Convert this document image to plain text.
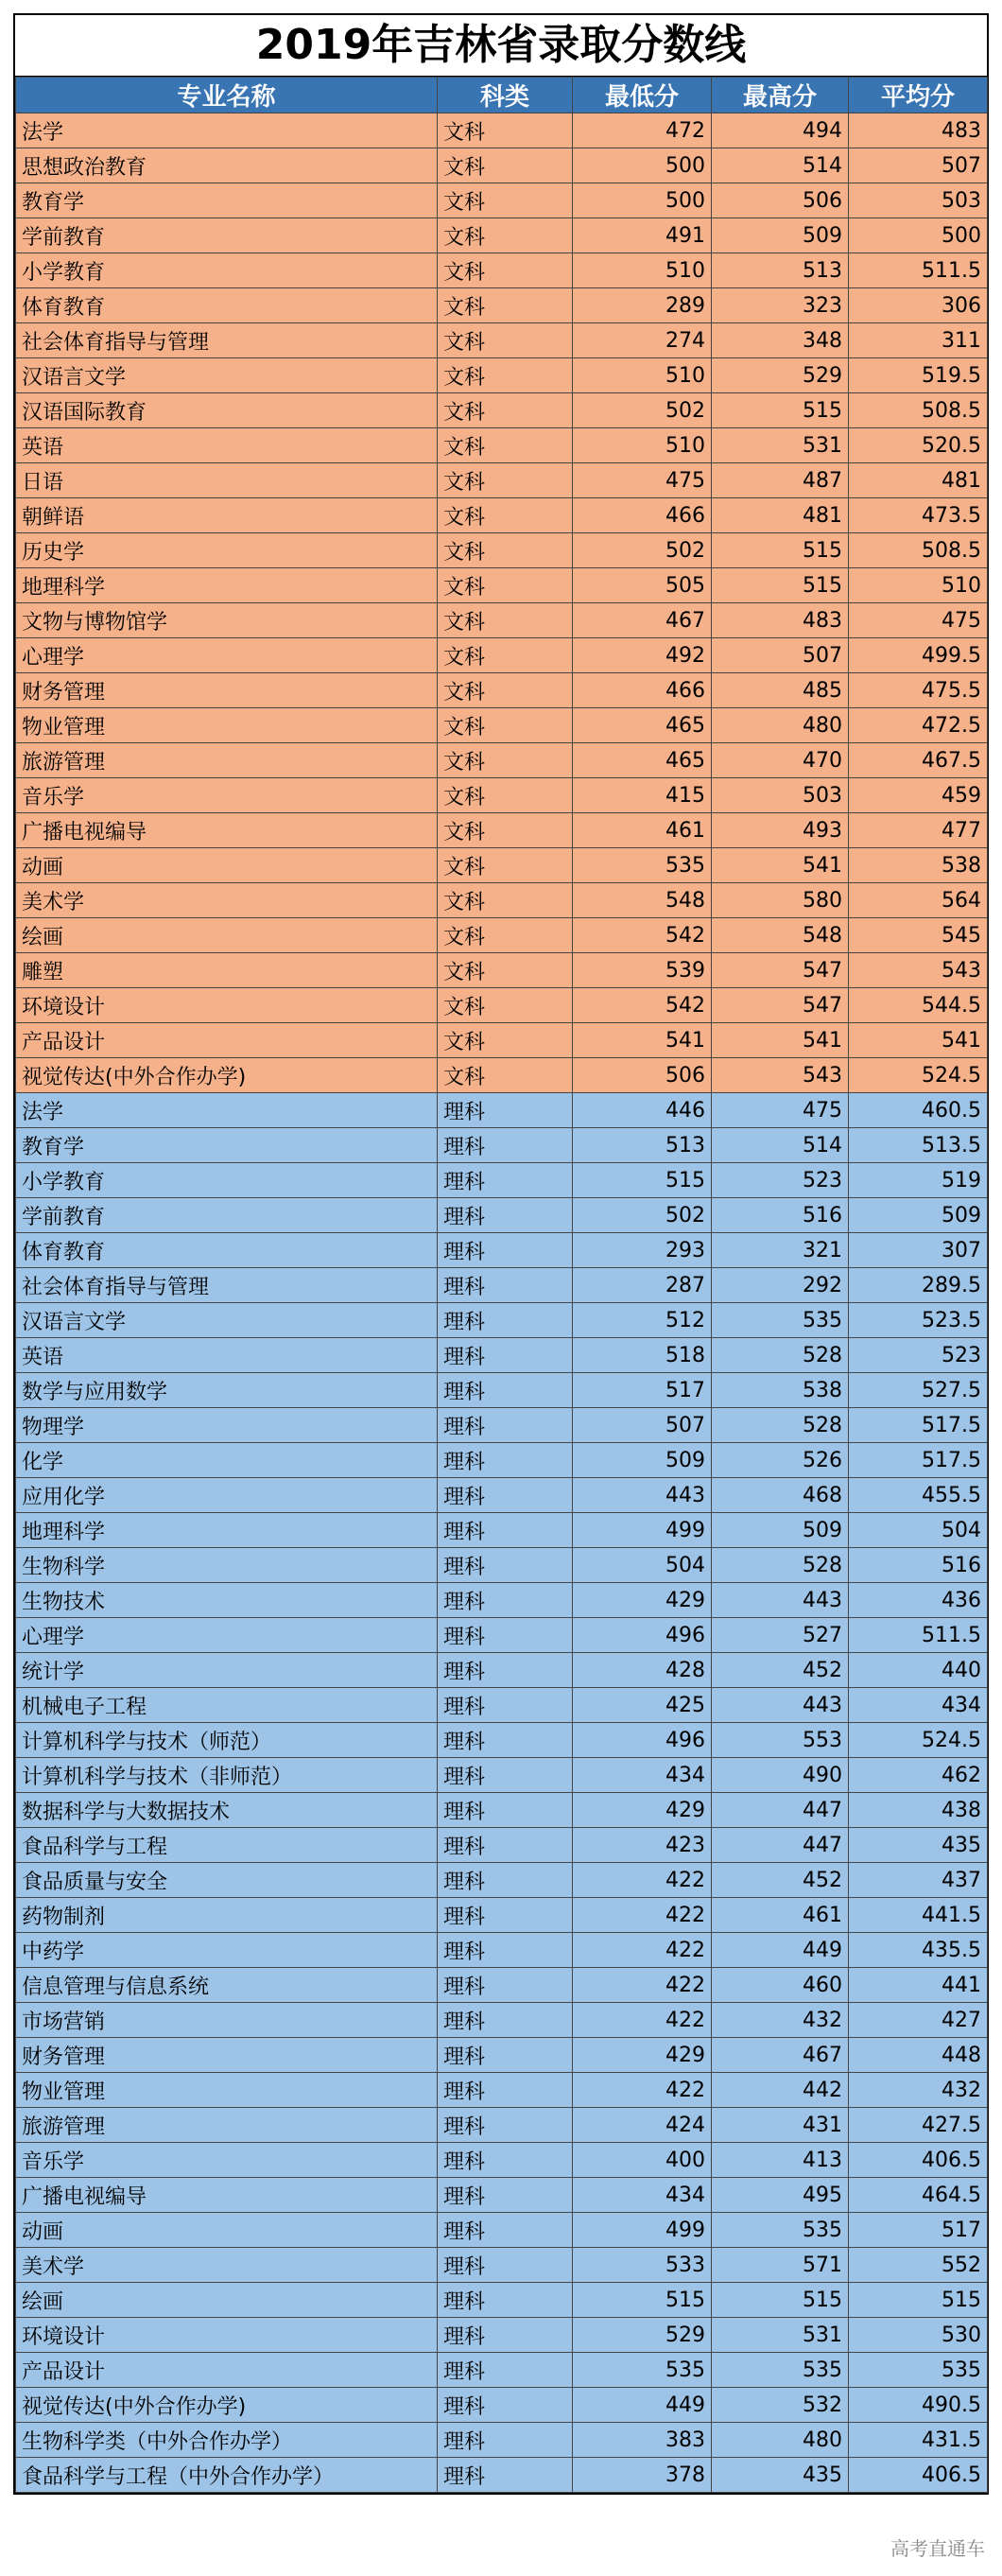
2019年吉林省录取分数线
专业名称	科类	最低分	最高分	平均分
法学	文科	472	494	483
思想政治教育	文科	500	514	507
教育学	文科	500	506	503
学前教育	文科	491	509	500
小学教育	文科	510	513	511.5
体育教育	文科	289	323	306
社会体育指导与管理	文科	274	348	311
汉语言文学	文科	510	529	519.5
汉语国际教育	文科	502	515	508.5
英语	文科	510	531	520.5
日语	文科	475	487	481
朝鲜语	文科	466	481	473.5
历史学	文科	502	515	508.5
地理科学	文科	505	515	510
文物与博物馆学	文科	467	483	475
心理学	文科	492	507	499.5
财务管理	文科	466	485	475.5
物业管理	文科	465	480	472.5
旅游管理	文科	465	470	467.5
音乐学	文科	415	503	459
广播电视编导	文科	461	493	477
动画	文科	535	541	538
美术学	文科	548	580	564
绘画	文科	542	548	545
雕塑	文科	539	547	543
环境设计	文科	542	547	544.5
产品设计	文科	541	541	541
视觉传达(中外合作办学)	文科	506	543	524.5
法学	理科	446	475	460.5
教育学	理科	513	514	513.5
小学教育	理科	515	523	519
学前教育	理科	502	516	509
体育教育	理科	293	321	307
社会体育指导与管理	理科	287	292	289.5
汉语言文学	理科	512	535	523.5
英语	理科	518	528	523
数学与应用数学	理科	517	538	527.5
物理学	理科	507	528	517.5
化学	理科	509	526	517.5
应用化学	理科	443	468	455.5
地理科学	理科	499	509	504
生物科学	理科	504	528	516
生物技术	理科	429	443	436
心理学	理科	496	527	511.5
统计学	理科	428	452	440
机械电子工程	理科	425	443	434
计算机科学与技术（师范）	理科	496	553	524.5
计算机科学与技术（非师范）	理科	434	490	462
数据科学与大数据技术	理科	429	447	438
食品科学与工程	理科	423	447	435
食品质量与安全	理科	422	452	437
药物制剂	理科	422	461	441.5
中药学	理科	422	449	435.5
信息管理与信息系统	理科	422	460	441
市场营销	理科	422	432	427
财务管理	理科	429	467	448
物业管理	理科	422	442	432
旅游管理	理科	424	431	427.5
音乐学	理科	400	413	406.5
广播电视编导	理科	434	495	464.5
动画	理科	499	535	517
美术学	理科	533	571	552
绘画	理科	515	515	515
环境设计	理科	529	531	530
产品设计	理科	535	535	535
视觉传达(中外合作办学)	理科	449	532	490.5
生物科学类（中外合作办学）	理科	383	480	431.5
食品科学与工程（中外合作办学）	理科	378	435	406.5
高考直通车
